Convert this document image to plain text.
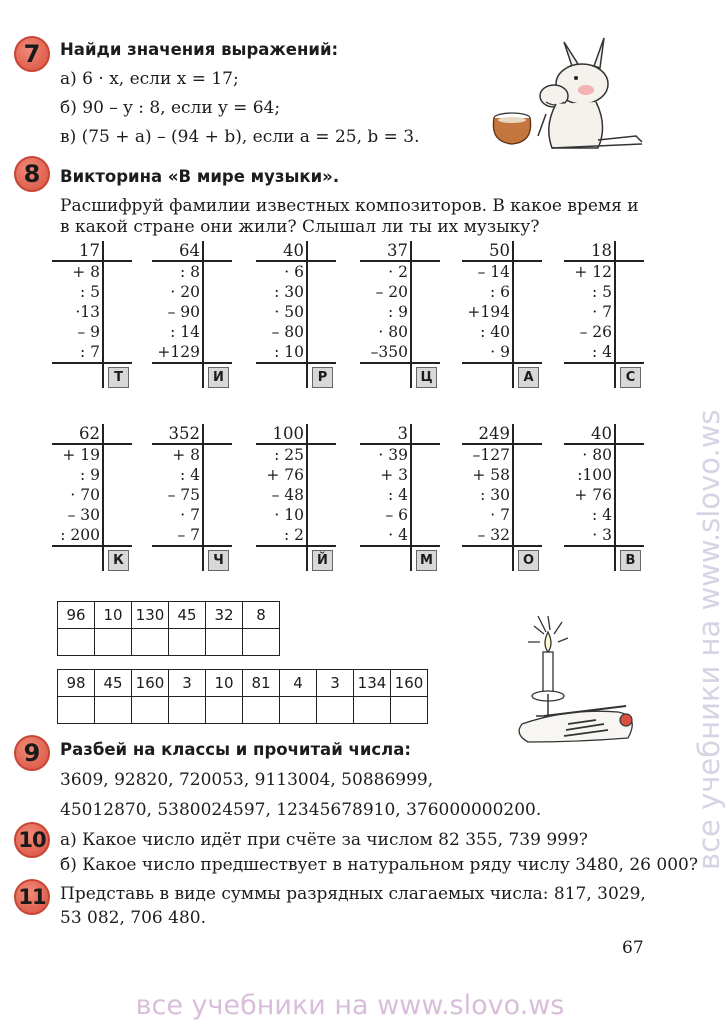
7	Найди значения выражений:
а) 6 · x, если x = 17;
б) 90 – y : 8, если y = 64;
в) (75 + a) – (94 + b), если a = 25, b = 3.
8	Викторина «В мире музыки».
Расшифруй фамилии известных композиторов. В какое время и
в какой стране они жили? Слышал ли ты их музыку?
17
+ 8
: 5
·13
– 9
: 7
Т
64
: 8
· 20
– 90
: 14
+129
И
40
· 6
: 30
· 50
– 80
: 10
Р
37
· 2
– 20
: 9
· 80
–350
Ц
50
– 14
: 6
+194
: 40
· 9
А
18
+ 12
: 5
· 7
– 26
: 4
С
62
+ 19
: 9
· 70
– 30
: 200
К
352
+ 8
: 4
– 75
· 7
– 7
Ч
100
: 25
+ 76
– 48
· 10
: 2
Й
3
· 39
+ 3
: 4
– 6
· 4
М
249
–127
+ 58
: 30
· 7
– 32
О
40
· 80
:100
+ 76
: 4
· 3
В
96	10	130	45	32	8

98	45	160	3	10	81	4	3	134	160

9	Разбей на классы и прочитай числа:
3609, 92820, 720053, 9113004, 50886999,
45012870, 5380024597, 12345678910, 376000000200.
10 а) Какое число идёт при счёте за числом 82 355, 739 999?
б) Какое число предшествует в натуральном ряду числу 3480, 26 000?
11 Представь в виде суммы разрядных слагаемых числа: 817, 3029,
53 082, 706 480.
67
все учебники на www.slovo.ws
все учебники на www.slovo.ws
